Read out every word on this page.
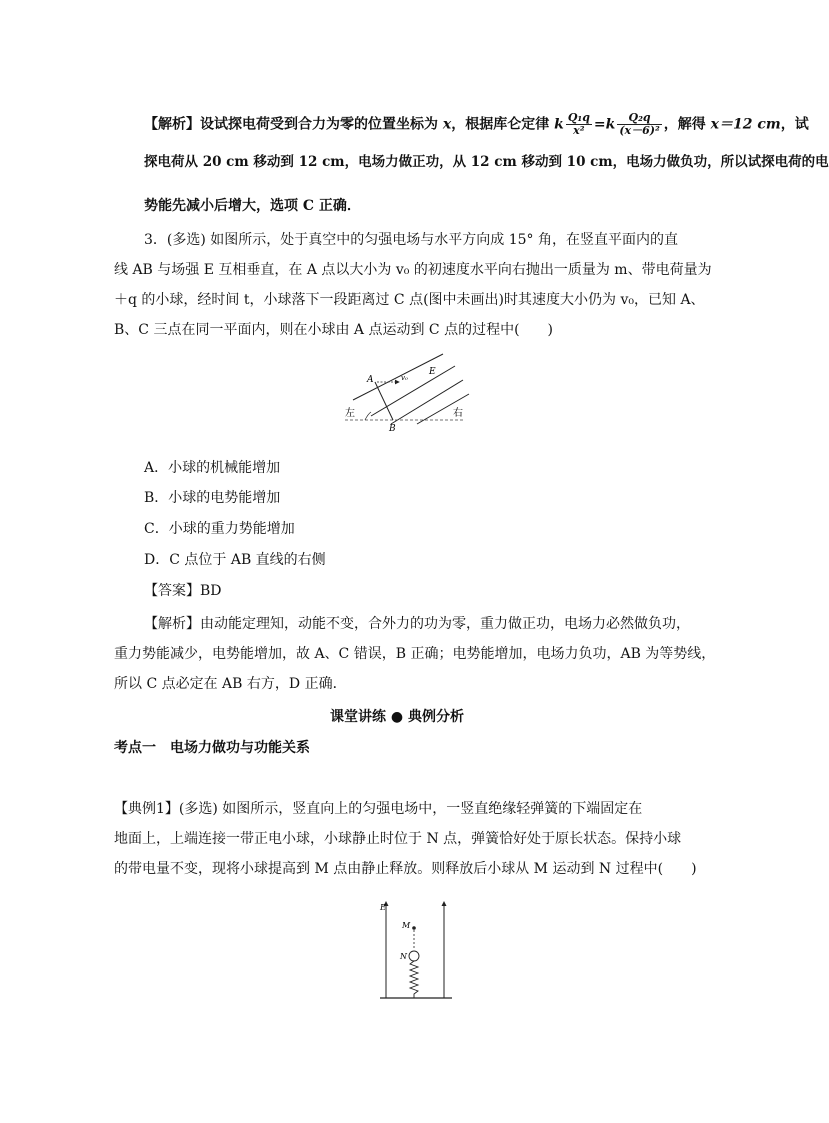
【解析】设试探电荷受到合力为零的位置坐标为 x，根据库仑定律 k $\frac{\text{Q₁q}}{\text{x²}} =k \frac{\text{Q₂q}}{\text{(x－6)²}}$ ，解得 x＝12 cm，试
探电荷从 20 cm 移动到 12 cm，电场力做正功，从 12 cm 移动到 10 cm，电场力做负功，所以试探电荷的电
势能先减小后增大，选项 C 正确．
3．(多选) 如图所示，处于真空中的匀强电场与水平方向成 15° 角，在竖直平面内的直
线 AB 与场强 E 互相垂直，在 A 点以大小为 v₀ 的初速度水平向右抛出一质量为 m、带电荷量为
＋q 的小球，经时间 t，小球落下一段距离过 C 点(图中未画出)时其速度大小仍为 v₀，已知 A、
B、C 三点在同一平面内，则在小球由 A 点运动到 C 点的过程中(　　)
A
B
E
v₀
左	右
A．小球的机械能增加
B．小球的电势能增加
C．小球的重力势能增加
D．C 点位于 AB 直线的右侧
【答案】BD
【解析】由动能定理知，动能不变，合外力的功为零，重力做正功，电场力必然做负功，
重力势能减少，电势能增加，故 A、C 错误，B 正确；电势能增加，电场力负功，AB 为等势线，
所以 C 点必定在 AB 右方，D 正确．
课堂讲练 ● 典例分析
考点一　电场力做功与功能关系
【典例1】(多选) 如图所示，竖直向上的匀强电场中，一竖直绝缘轻弹簧的下端固定在
地面上，上端连接一带正电小球，小球静止时位于 N 点，弹簧恰好处于原长状态。保持小球
的带电量不变，现将小球提高到 M 点由静止释放。则释放后小球从 M 运动到 N 过程中(　　)
E
M
N
